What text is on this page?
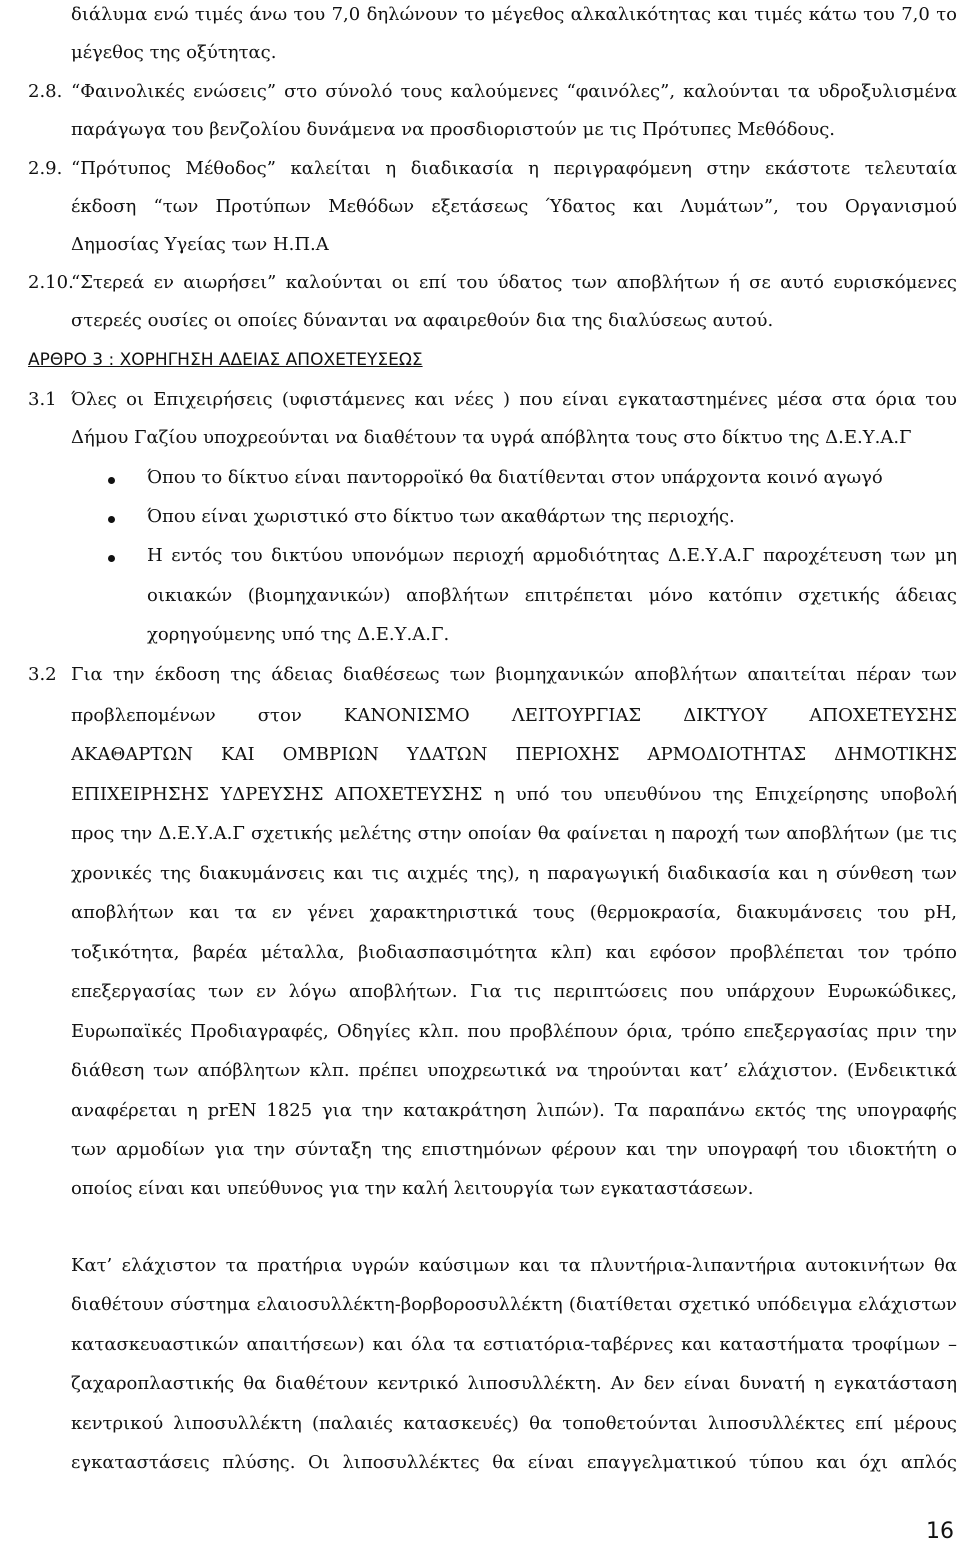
διάλυμα ενώ τιμές άνω του 7,0 δηλώνουν το μέγεθος αλκαλικότητας και τιμές κάτω του 7,0 το
μέγεθος της οξύτητας.
2.8. “Φαινολικές ενώσεις” στο σύνολό τους καλούμενες “φαινόλες”, καλούνται τα υδροξυλισμένα
παράγωγα του βενζολίου δυνάμενα να προσδιοριστούν με τις Πρότυπες Μεθόδους.
2.9. “Πρότυπος Μέθοδος” καλείται η διαδικασία η περιγραφόμενη στην εκάστοτε τελευταία
έκδοση “των Προτύπων Μεθόδων εξετάσεως Ύδατος και Λυμάτων”, του Οργανισμού
Δημοσίας Υγείας των Η.Π.Α
2.10.
“Στερεά εν αιωρήσει” καλούνται οι επί του ύδατος των αποβλήτων ή σε αυτό ευρισκόμενες
στερεές ουσίες οι οποίες δύνανται να αφαιρεθούν δια της διαλύσεως αυτού.
ΑΡΘΡΟ 3 : ΧΟΡΗΓΗΣΗ ΑΔΕΙΑΣ ΑΠΟΧΕΤΕΥΣΕΩΣ
3.1 Όλες οι Επιχειρήσεις (υφιστάμενες και νέες ) που είναι εγκαταστημένες μέσα στα όρια του
Δήμου Γαζίου υποχρεούνται να διαθέτουν τα υγρά απόβλητα τους στο δίκτυο της Δ.Ε.Υ.Α.Γ
Όπου το δίκτυο είναι παντορροϊκό θα διατίθενται στον υπάρχοντα κοινό αγωγό
Όπου είναι χωριστικό στο δίκτυο των ακαθάρτων της περιοχής.
Η εντός του δικτύου υπονόμων περιοχή αρμοδιότητας Δ.Ε.Υ.Α.Γ παροχέτευση των μη
οικιακών (βιομηχανικών) αποβλήτων επιτρέπεται μόνο κατόπιν σχετικής άδειας
χορηγούμενης υπό της Δ.Ε.Υ.Α.Γ.
3.2 Για την έκδοση της άδειας διαθέσεως των βιομηχανικών αποβλήτων απαιτείται πέραν των
προβλεπομένων στον ΚΑΝΟΝΙΣΜΟ ΛΕΙΤΟΥΡΓΙΑΣ ΔΙΚΤΥΟΥ ΑΠΟΧΕΤΕΥΣΗΣ
ΑΚΑΘΑΡΤΩΝ ΚΑΙ ΟΜΒΡΙΩΝ ΥΔΑΤΩΝ ΠΕΡΙΟΧΗΣ ΑΡΜΟΔΙΟΤΗΤΑΣ ΔΗΜΟΤΙΚΗΣ
ΕΠΙΧΕΙΡΗΣΗΣ ΥΔΡΕΥΣΗΣ ΑΠΟΧΕΤΕΥΣΗΣ η υπό του υπευθύνου της Επιχείρησης υποβολή
προς την Δ.Ε.Υ.Α.Γ σχετικής μελέτης στην οποίαν θα φαίνεται η παροχή των αποβλήτων (με τις
χρονικές της διακυμάνσεις και τις αιχμές της), η παραγωγική διαδικασία και η σύνθεση των
αποβλήτων και τα εν γένει χαρακτηριστικά τους (θερμοκρασία, διακυμάνσεις του pH,
τοξικότητα, βαρέα μέταλλα, βιοδιασπασιμότητα κλπ) και εφόσον προβλέπεται τον τρόπο
επεξεργασίας των εν λόγω αποβλήτων. Για τις περιπτώσεις που υπάρχουν Ευρωκώδικες,
Ευρωπαϊκές Προδιαγραφές, Οδηγίες κλπ. που προβλέπουν όρια, τρόπο επεξεργασίας πριν την
διάθεση των απόβλητων κλπ. πρέπει υποχρεωτικά να τηρούνται κατ’ ελάχιστον. (Ενδεικτικά
αναφέρεται η prEN 1825 για την κατακράτηση λιπών). Τα παραπάνω εκτός της υπογραφής
των αρμοδίων για την σύνταξη της επιστημόνων φέρουν και την υπογραφή του ιδιοκτήτη ο
οποίος είναι και υπεύθυνος για την καλή λειτουργία των εγκαταστάσεων.
Κατ’ ελάχιστον τα πρατήρια υγρών καύσιμων και τα πλυντήρια-λιπαντήρια αυτοκινήτων θα
διαθέτουν σύστημα ελαιοσυλλέκτη-βορβοροσυλλέκτη (διατίθεται σχετικό υπόδειγμα ελάχιστων
κατασκευαστικών απαιτήσεων) και όλα τα εστιατόρια-ταβέρνες και καταστήματα τροφίμων –
ζαχαροπλαστικής θα διαθέτουν κεντρικό λιποσυλλέκτη. Αν δεν είναι δυνατή η εγκατάσταση
κεντρικού λιποσυλλέκτη (παλαιές κατασκευές) θα τοποθετούνται λιποσυλλέκτες επί μέρους
εγκαταστάσεις πλύσης. Οι λιποσυλλέκτες θα είναι επαγγελματικού τύπου και όχι απλός
16
